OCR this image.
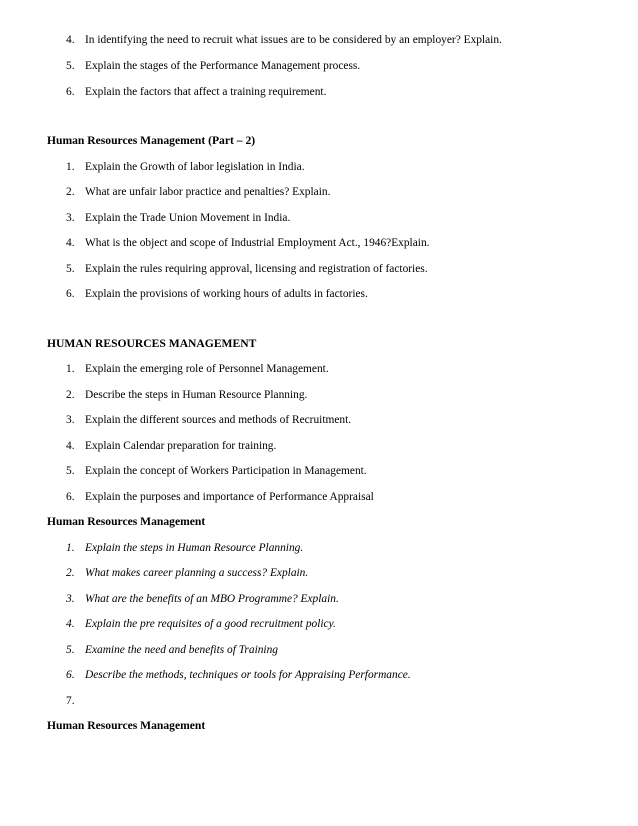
4. In identifying the need to recruit what issues are to be considered by an employer? Explain.
5. Explain the stages of the Performance Management process.
6. Explain the factors that affect a training requirement.
Human Resources Management (Part – 2)
1. Explain the Growth of labor legislation in India.
2. What are unfair labor practice and penalties? Explain.
3. Explain the Trade Union Movement in India.
4. What is the object and scope of Industrial Employment Act., 1946?Explain.
5. Explain the rules requiring approval, licensing and registration of factories.
6. Explain the provisions of working hours of adults in factories.
HUMAN RESOURCES MANAGEMENT
1. Explain the emerging role of Personnel Management.
2. Describe the steps in Human Resource Planning.
3. Explain the different sources and methods of Recruitment.
4. Explain Calendar preparation for training.
5. Explain the concept of Workers Participation in Management.
6. Explain the purposes and importance of Performance Appraisal
Human Resources Management
1. Explain the steps in Human Resource Planning.
2. What makes career planning a success? Explain.
3. What are the benefits of an MBO Programme? Explain.
4. Explain the pre requisites of a good recruitment policy.
5. Examine the need and benefits of Training
6. Describe the methods, techniques or tools for Appraising Performance.
7.
Human Resources Management
